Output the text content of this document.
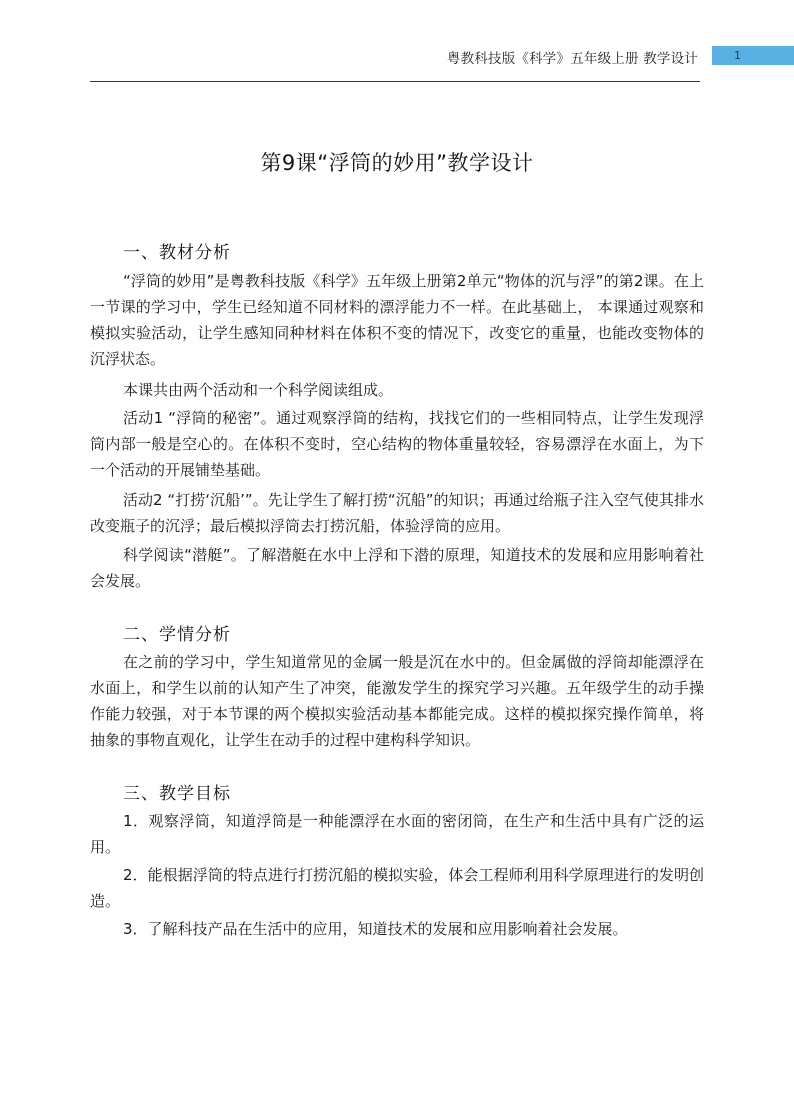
粤教科技版《科学》五年级上册 教学设计	1
第9课“浮筒的妙用”教学设计
一、教材分析

“浮筒的妙用”是粤教科技版《科学》五年级上册第2单元“物体的沉与浮”的第2课。在上一节课的学习中，学生已经知道不同材料的漂浮能力不一样。在此基础上， 本课通过观察和模拟实验活动，让学生感知同种材料在体积不变的情况下，改变它的重量，也能改变物体的沉浮状态。

本课共由两个活动和一个科学阅读组成。

活动1 “浮筒的秘密”。通过观察浮筒的结构，找找它们的一些相同特点，让学生发现浮筒内部一般是空心的。在体积不变时，空心结构的物体重量较轻，容易漂浮在水面上，为下一个活动的开展铺垫基础。

活动2 “打捞‘沉船’”。先让学生了解打捞“沉船”的知识；再通过给瓶子注入空气使其排水改变瓶子的沉浮；最后模拟浮筒去打捞沉船，体验浮筒的应用。

科学阅读“潜艇”。了解潜艇在水中上浮和下潜的原理，知道技术的发展和应用影响着社会发展。

二、学情分析

在之前的学习中，学生知道常见的金属一般是沉在水中的。但金属做的浮筒却能漂浮在水面上，和学生以前的认知产生了冲突，能激发学生的探究学习兴趣。五年级学生的动手操作能力较强，对于本节课的两个模拟实验活动基本都能完成。这样的模拟探究操作简单，将抽象的事物直观化，让学生在动手的过程中建构科学知识。

三、教学目标

1．观察浮筒，知道浮筒是一种能漂浮在水面的密闭筒，在生产和生活中具有广泛的运用。

2．能根据浮筒的特点进行打捞沉船的模拟实验，体会工程师利用科学原理进行的发明创造。

3．了解科技产品在生活中的应用，知道技术的发展和应用影响着社会发展。
